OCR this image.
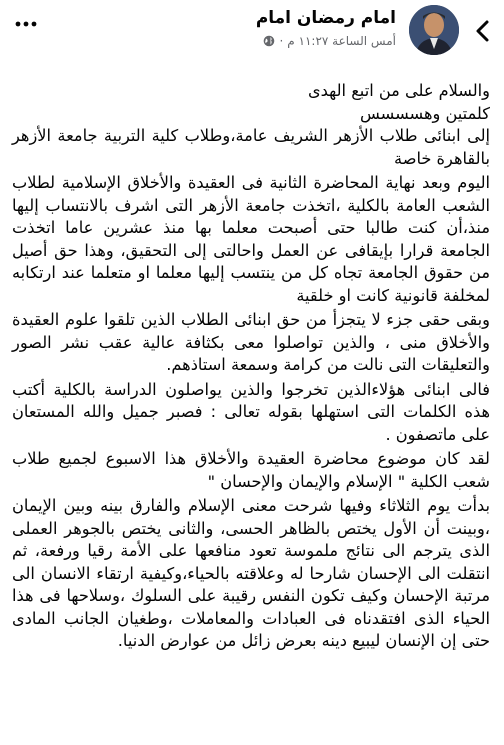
امام رمضان امام
أمس الساعة ١١:٢٧ م
·

والسلام على من اتبع الهدى

كلمتين وهسسسس

إلى ابنائى طلاب الأزهر الشريف عامة،وطلاب كلية التربية جامعة الأزهر بالقاهرة خاصة

اليوم وبعد نهاية المحاضرة الثانية فى العقيدة والأخلاق الإسلامية لطلاب الشعب العامة بالكلية ،اتخذت جامعة الأزهر التى اشرف بالانتساب إليها منذ،أن كنت طالبا حتى أصبحت معلما بها منذ عشرين عاما اتخذت الجامعة قرارا بإيقافى عن العمل واحالتى إلى التحقيق، وهذا حق أصيل من حقوق الجامعة تجاه كل من ينتسب إليها معلما او متعلما عند ارتكابه لمخلفة قانونية كانت او خلقية

وبقى حقى جزء لا يتجزأ من حق ابنائى الطلاب الذين تلقوا علوم العقيدة والأخلاق منى ، والذين تواصلوا معى بكثافة عالية عقب نشر الصور والتعليقات التى نالت من كرامة وسمعة استاذهم.

فالى ابنائى هؤلاءالذين تخرجوا والذين يواصلون الدراسة بالكلية أكتب هذه الكلمات التى استهلها بقوله تعالى : فصبر جميل والله المستعان على ماتصفون .

لقد كان موضوع محاضرة العقيدة والأخلاق هذا الاسبوع لجميع طلاب شعب الكلية " الإسلام والإيمان والإحسان "

بدأت يوم الثلاثاء وفيها شرحت معنى الإسلام والفارق بينه وبين الإيمان ،وبينت أن الأول يختص بالظاهر الحسى، والثانى يختص بالجوهر العملى الذى يترجم الى نتائج ملموسة تعود منافعها على الأمة رقيا ورفعة، ثم انتقلت الى الإحسان شارحا له وعلاقته بالحياء،وكيفية ارتقاء الانسان الى مرتبة الإحسان وكيف تكون النفس رقيبة على السلوك ،وسلاحها فى هذا الحياء الذى افتقدناه فى العبادات والمعاملات ،وطغيان الجانب المادى حتى إن الإنسان ليبيع دينه بعرض زائل من عوارض الدنيا.
